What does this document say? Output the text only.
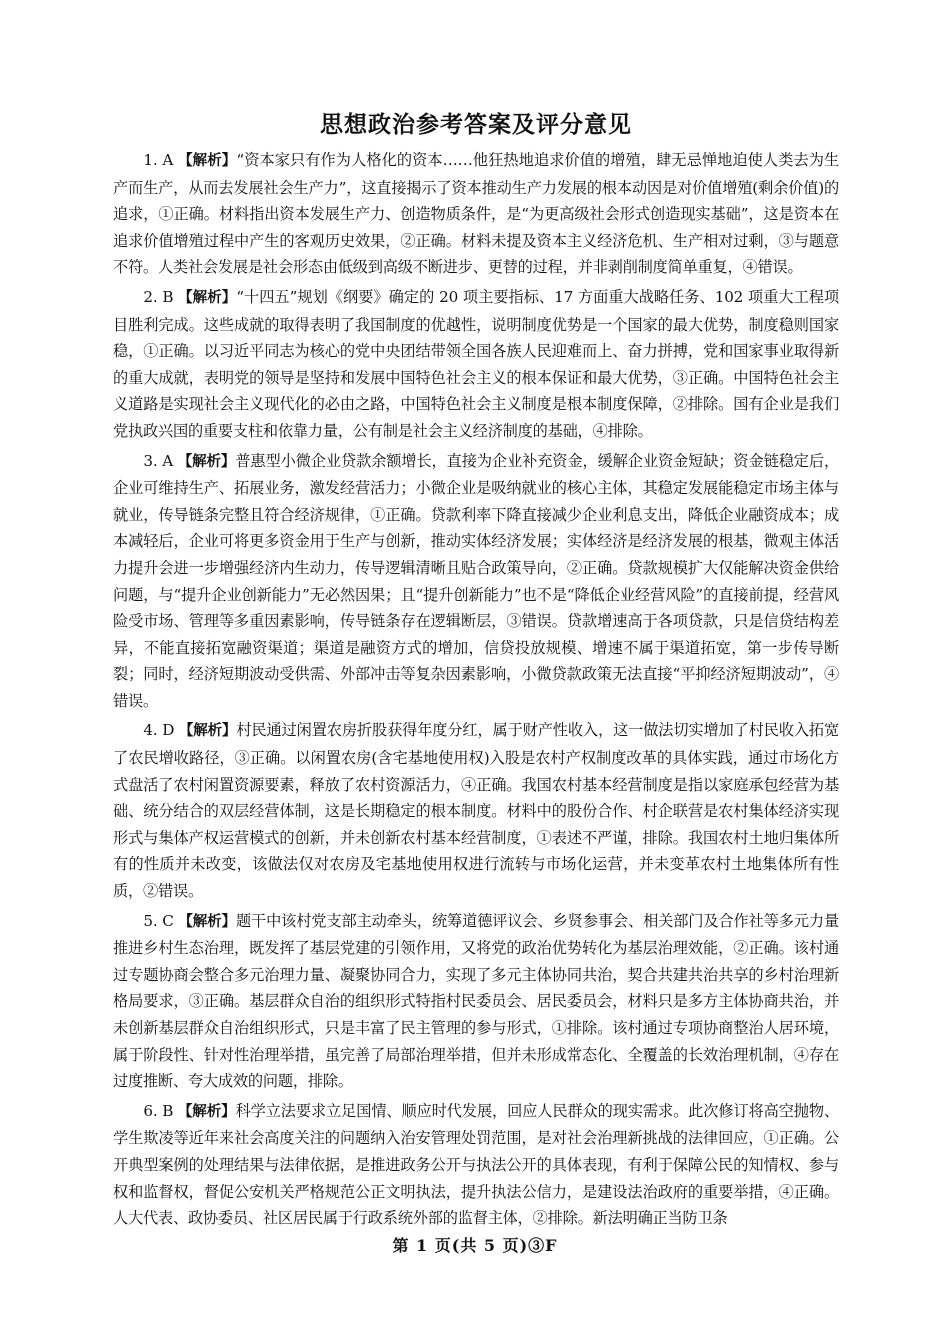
思想政治参考答案及评分意见

1. A 【解析】“资本家只有作为人格化的资本……他狂热地追求价值的增殖，肆无忌惮地迫使人类去为生产而生产，从而去发展社会生产力”，这直接揭示了资本推动生产力发展的根本动因是对价值增殖(剩余价值)的追求，①正确。材料指出资本发展生产力、创造物质条件，是“为更高级社会形式创造现实基础”，这是资本在追求价值增殖过程中产生的客观历史效果，②正确。材料未提及资本主义经济危机、生产相对过剩，③与题意不符。人类社会发展是社会形态由低级到高级不断进步、更替的过程，并非剥削制度简单重复，④错误。

2. B 【解析】“十四五”规划《纲要》确定的 20 项主要指标、17 方面重大战略任务、102 项重大工程项目胜利完成。这些成就的取得表明了我国制度的优越性，说明制度优势是一个国家的最大优势，制度稳则国家稳，①正确。以习近平同志为核心的党中央团结带领全国各族人民迎难而上、奋力拼搏，党和国家事业取得新的重大成就，表明党的领导是坚持和发展中国特色社会主义的根本保证和最大优势，③正确。中国特色社会主义道路是实现社会主义现代化的必由之路，中国特色社会主义制度是根本制度保障，②排除。国有企业是我们党执政兴国的重要支柱和依靠力量，公有制是社会主义经济制度的基础，④排除。

3. A 【解析】普惠型小微企业贷款余额增长，直接为企业补充资金，缓解企业资金短缺；资金链稳定后，企业可维持生产、拓展业务，激发经营活力；小微企业是吸纳就业的核心主体，其稳定发展能稳定市场主体与就业，传导链条完整且符合经济规律，①正确。贷款利率下降直接减少企业利息支出，降低企业融资成本；成本减轻后，企业可将更多资金用于生产与创新，推动实体经济发展；实体经济是经济发展的根基，微观主体活力提升会进一步增强经济内生动力，传导逻辑清晰且贴合政策导向，②正确。贷款规模扩大仅能解决资金供给问题，与“提升企业创新能力”无必然因果；且“提升创新能力”也不是“降低企业经营风险”的直接前提，经营风险受市场、管理等多重因素影响，传导链条存在逻辑断层，③错误。贷款增速高于各项贷款，只是信贷结构差异，不能直接拓宽融资渠道；渠道是融资方式的增加，信贷投放规模、增速不属于渠道拓宽，第一步传导断裂；同时，经济短期波动受供需、外部冲击等复杂因素影响，小微贷款政策无法直接“平抑经济短期波动”，④错误。

4. D 【解析】村民通过闲置农房折股获得年度分红，属于财产性收入，这一做法切实增加了村民收入拓宽了农民增收路径，③正确。以闲置农房(含宅基地使用权)入股是农村产权制度改革的具体实践，通过市场化方式盘活了农村闲置资源要素，释放了农村资源活力，④正确。我国农村基本经营制度是指以家庭承包经营为基础、统分结合的双层经营体制，这是长期稳定的根本制度。材料中的股份合作、村企联营是农村集体经济实现形式与集体产权运营模式的创新，并未创新农村基本经营制度，①表述不严谨，排除。我国农村土地归集体所有的性质并未改变，该做法仅对农房及宅基地使用权进行流转与市场化运营，并未变革农村土地集体所有性质，②错误。

5. C 【解析】题干中该村党支部主动牵头，统筹道德评议会、乡贤参事会、相关部门及合作社等多元力量推进乡村生态治理，既发挥了基层党建的引领作用，又将党的政治优势转化为基层治理效能，②正确。该村通过专题协商会整合多元治理力量、凝聚协同合力，实现了多元主体协同共治，契合共建共治共享的乡村治理新格局要求，③正确。基层群众自治的组织形式特指村民委员会、居民委员会，材料只是多方主体协商共治，并未创新基层群众自治组织形式，只是丰富了民主管理的参与形式，①排除。该村通过专项协商整治人居环境，属于阶段性、针对性治理举措，虽完善了局部治理举措，但并未形成常态化、全覆盖的长效治理机制，④存在过度推断、夸大成效的问题，排除。

6. B 【解析】科学立法要求立足国情、顺应时代发展，回应人民群众的现实需求。此次修订将高空抛物、学生欺凌等近年来社会高度关注的问题纳入治安管理处罚范围，是对社会治理新挑战的法律回应，①正确。公开典型案例的处理结果与法律依据，是推进政务公开与执法公开的具体表现，有利于保障公民的知情权、参与权和监督权，督促公安机关严格规范公正文明执法，提升执法公信力，是建设法治政府的重要举措，④正确。人大代表、政协委员、社区居民属于行政系统外部的监督主体，②排除。新法明确正当防卫条

第 1 页(共 5 页)③F
